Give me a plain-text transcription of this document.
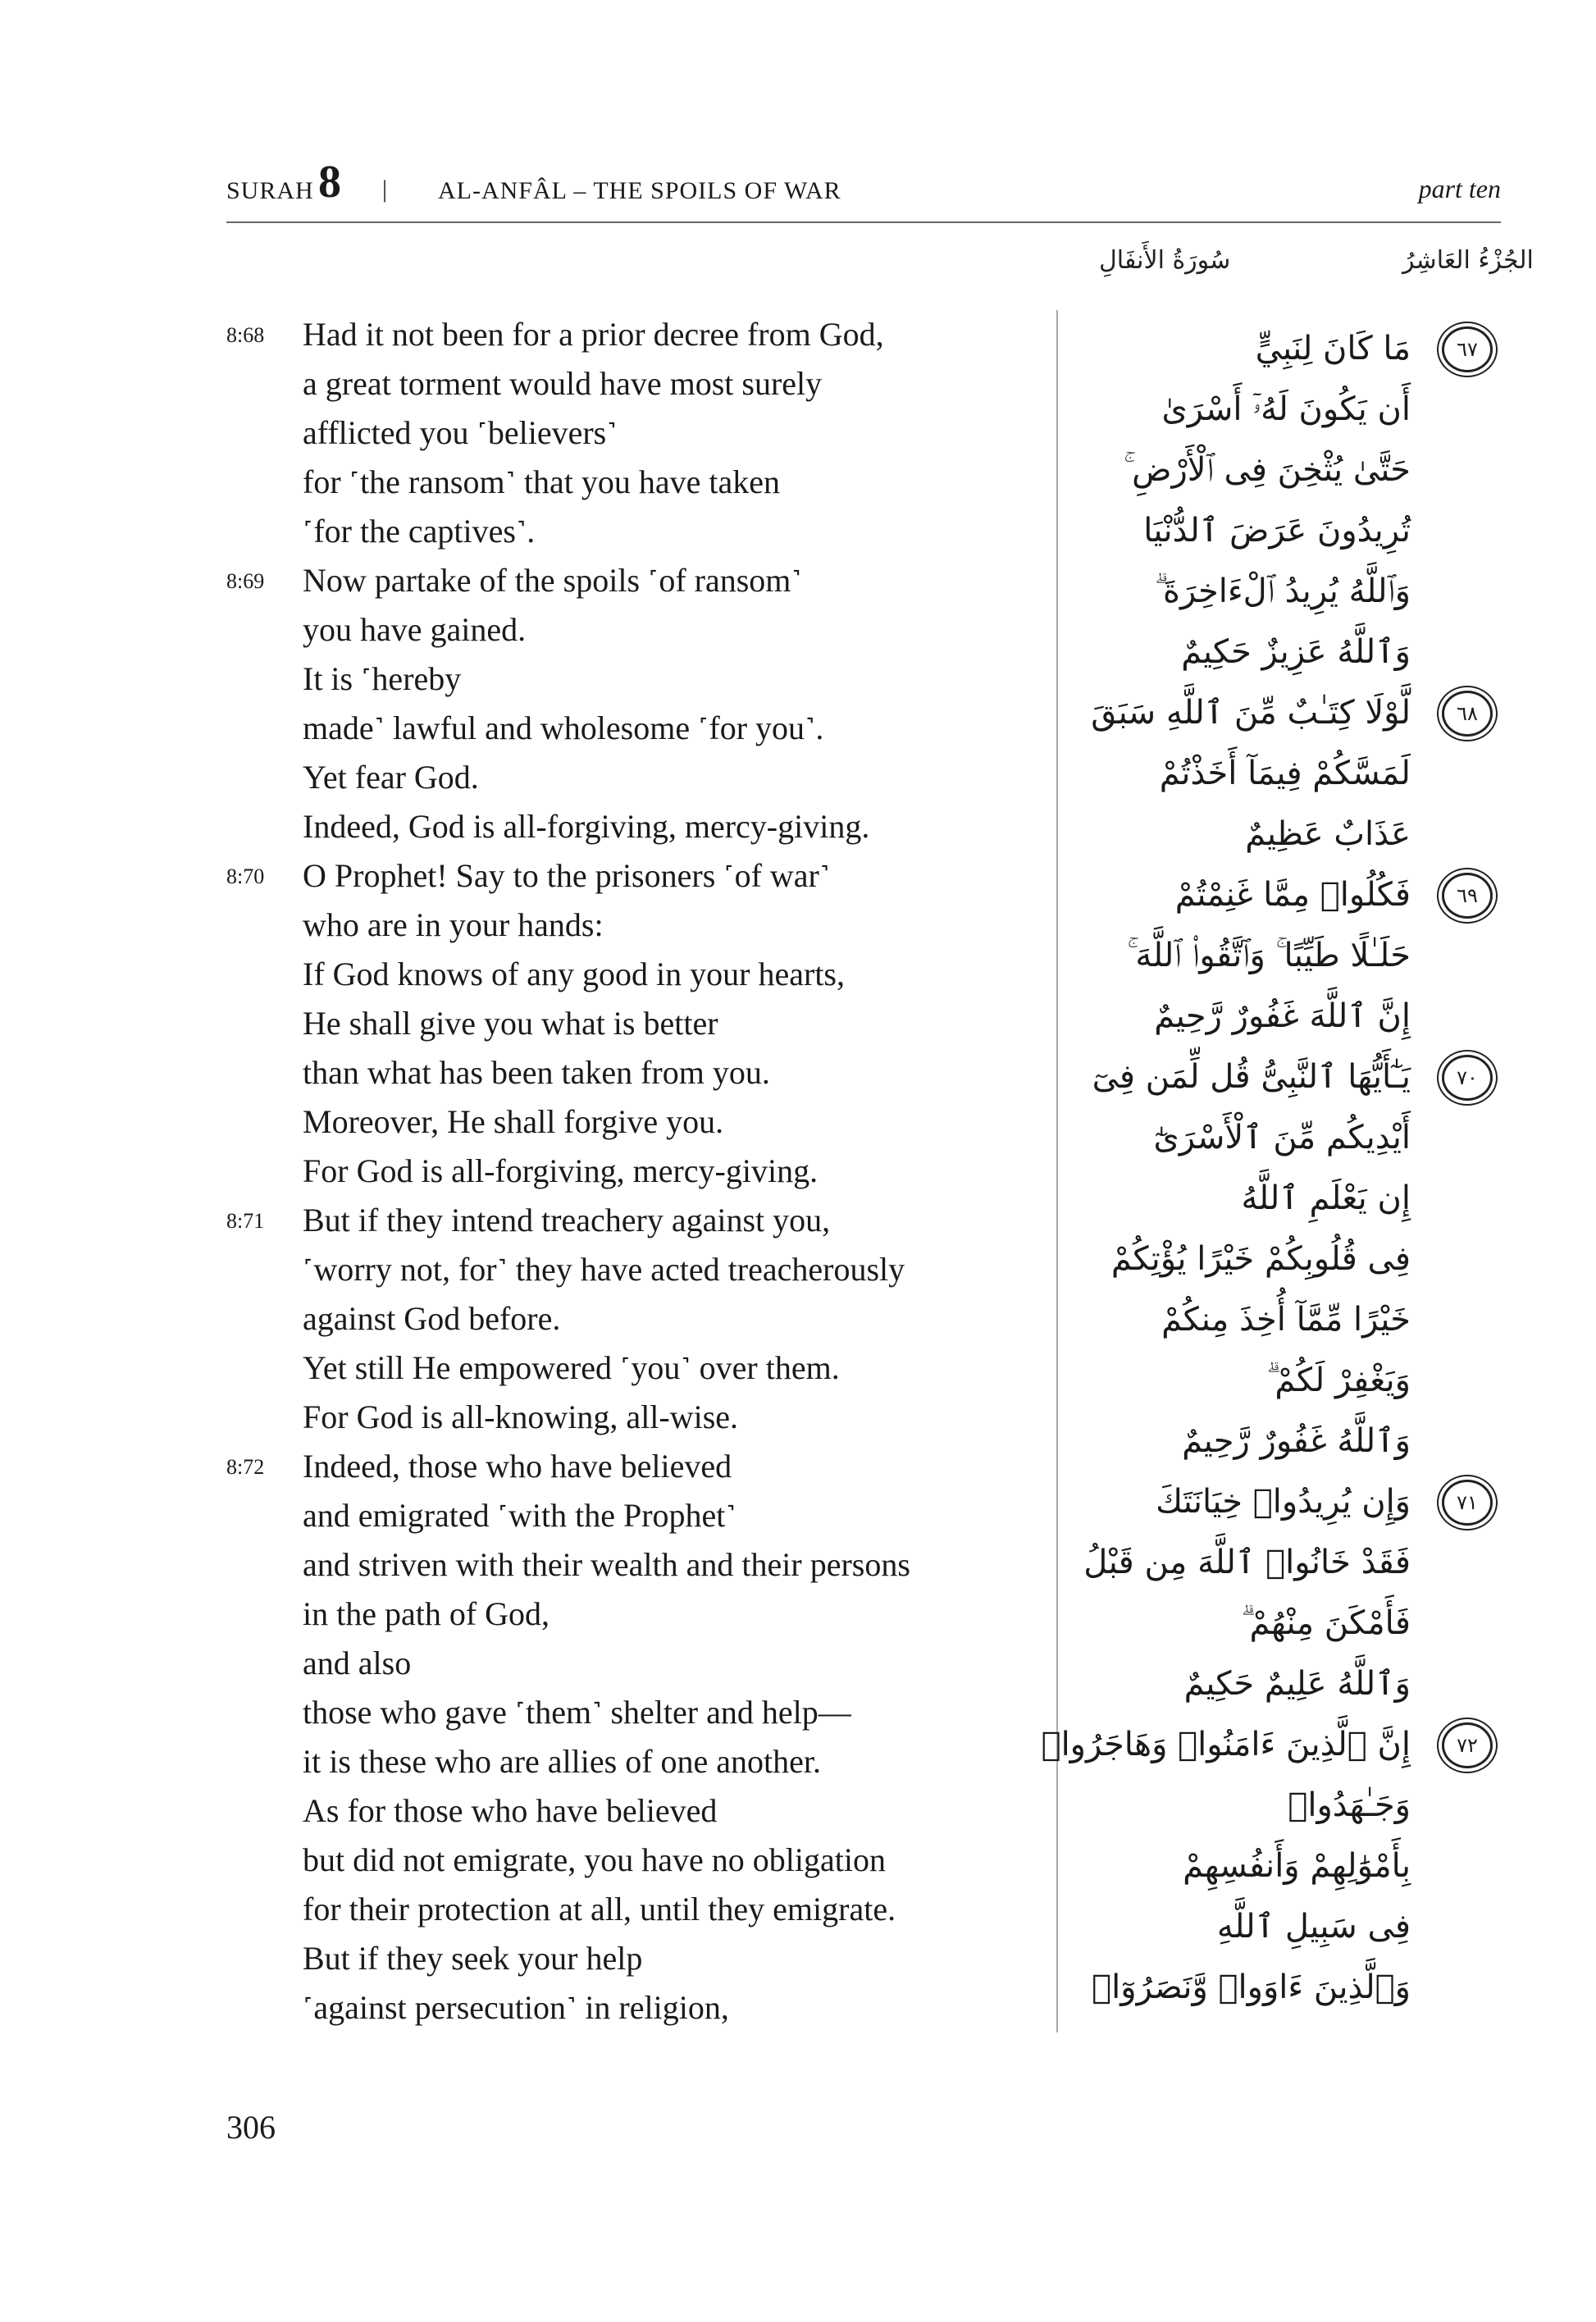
SURAH 8 | AL-ANFÂL – THE SPOILS OF WAR	part ten
الجُزْءُ العَاشِرُ
سُورَةُ الأَنفَالِ
8:68 Had it not been for a prior decree from God,
a great torment would have most surely
afflicted you ˹believers˺
for ˹the ransom˺ that you have taken
˹for the captives˺.
8:69 Now partake of the spoils ˹of ransom˺
you have gained.
It is ˹hereby
made˺ lawful and wholesome ˹for you˺.
Yet fear God.
Indeed, God is all-forgiving, mercy-giving.
8:70 O Prophet! Say to the prisoners ˹of war˺
who are in your hands:
If God knows of any good in your hearts,
He shall give you what is better
than what has been taken from you.
Moreover, He shall forgive you.
For God is all-forgiving, mercy-giving.
8:71 But if they intend treachery against you,
˹worry not, for˺ they have acted treacherously
against God before.
Yet still He empowered ˹you˺ over them.
For God is all-knowing, all-wise.
8:72 Indeed, those who have believed
and emigrated ˹with the Prophet˺
and striven with their wealth and their persons
in the path of God,
and also
those who gave ˹them˺ shelter and help—
it is these who are allies of one another.
As for those who have believed
but did not emigrate, you have no obligation
for their protection at all, until they emigrate.
But if they seek your help
˹against persecution˺ in religion,
مَا كَانَ لِنَبِيٍّ	٦٧
أَن يَكُونَ لَهُۥٓ أَسْرَىٰ
حَتَّىٰ يُثْخِنَ فِى ٱلْأَرْضِ ۚ
تُرِيدُونَ عَرَضَ ٱلدُّنْيَا
وَٱللَّهُ يُرِيدُ ٱلْءَاخِرَةَ ۗ
وَٱللَّهُ عَزِيزٌ حَكِيمٌ
لَّوْلَا كِتَـٰبٌ مِّنَ ٱللَّهِ سَبَقَ	٦٨
لَمَسَّكُمْ فِيمَآ أَخَذْتُمْ
عَذَابٌ عَظِيمٌ
فَكُلُوا۟ مِمَّا غَنِمْتُمْ	٦٩
حَلَـٰلًا طَيِّبًا ۚ وَٱتَّقُوا۟ ٱللَّهَ ۚ
إِنَّ ٱللَّهَ غَفُورٌ رَّحِيمٌ
يَـٰٓأَيُّهَا ٱلنَّبِىُّ قُل لِّمَن فِىٓ	٧٠
أَيْدِيكُم مِّنَ ٱلْأَسْرَىٰٓ
إِن يَعْلَمِ ٱللَّهُ
فِى قُلُوبِكُمْ خَيْرًا يُؤْتِكُمْ
خَيْرًا مِّمَّآ أُخِذَ مِنكُمْ
وَيَغْفِرْ لَكُمْ ۗ
وَٱللَّهُ غَفُورٌ رَّحِيمٌ
وَإِن يُرِيدُوا۟ خِيَانَتَكَ	٧١
فَقَدْ خَانُوا۟ ٱللَّهَ مِن قَبْلُ
فَأَمْكَنَ مِنْهُمْ ۗ
وَٱللَّهُ عَلِيمٌ حَكِيمٌ
إِنَّ ٱلَّذِينَ ءَامَنُوا۟ وَهَاجَرُوا۟	٧٢
وَجَـٰهَدُوا۟
بِأَمْوَٰلِهِمْ وَأَنفُسِهِمْ
فِى سَبِيلِ ٱللَّهِ
وَٱلَّذِينَ ءَاوَوا۟ وَّنَصَرُوٓا۟
306
